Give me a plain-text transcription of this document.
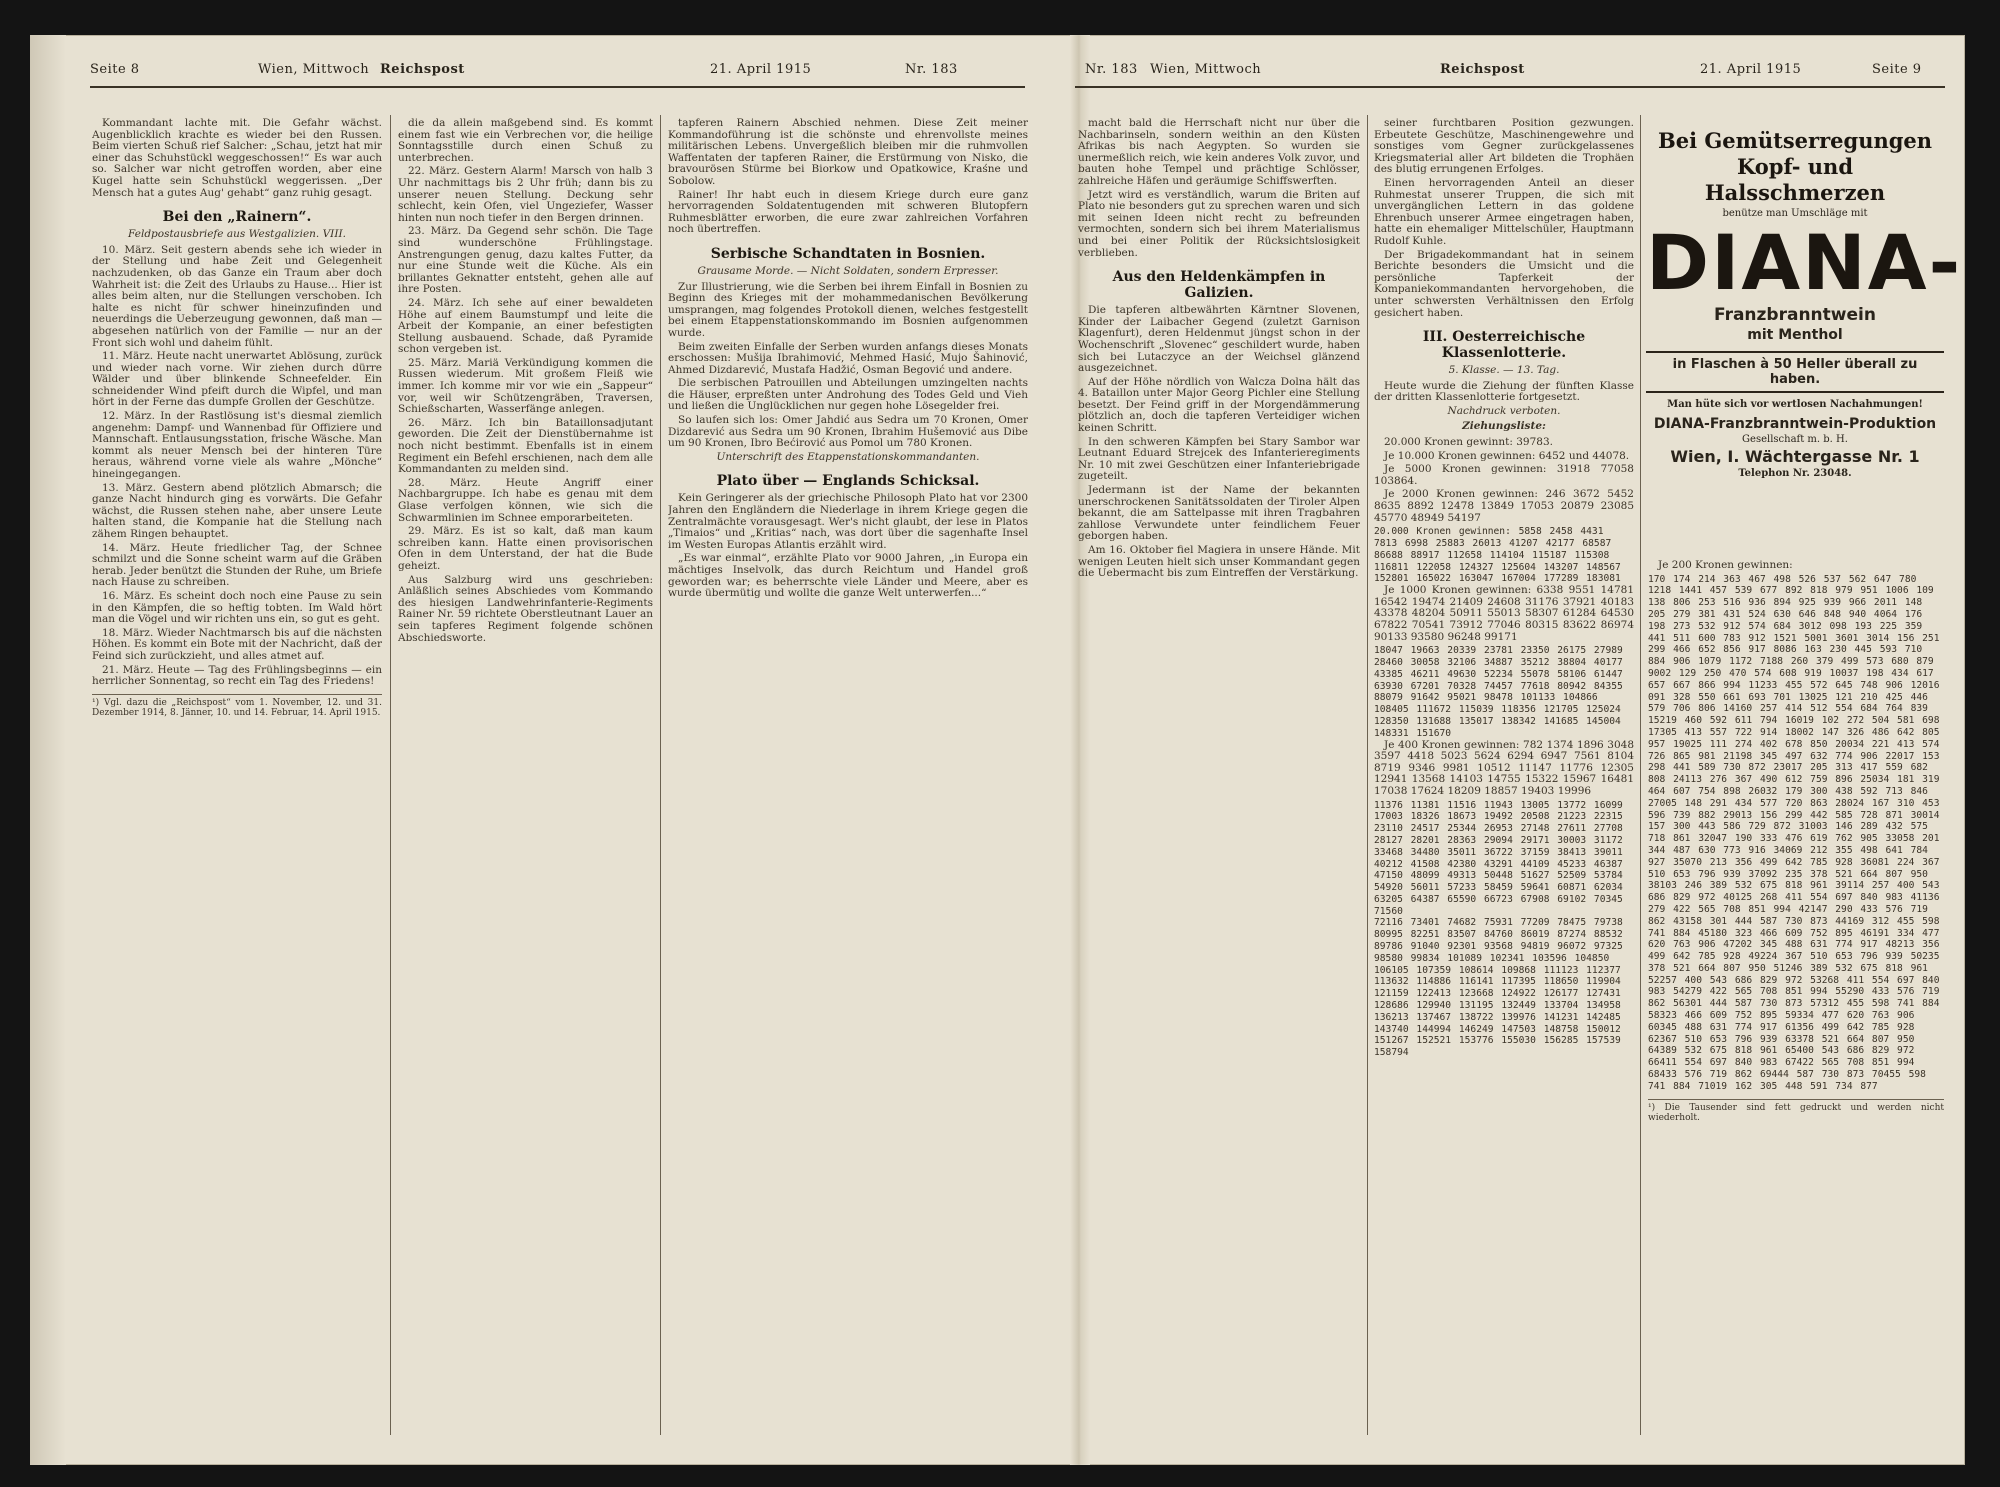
Seite 8	Wien, Mittwoch Reichspost	21. April 1915	Nr. 183	Nr. 183 Wien, Mittwoch	Reichspost	21. April 1915	Seite 9

Kommandant lachte mit. Die Gefahr wächst. Augenblicklich krachte es wieder bei den Russen. Beim vierten Schuß rief Salcher: „Schau, jetzt hat mir einer das Schuhstückl weggeschossen!“ Es war auch so. Salcher war nicht getroffen worden, aber eine Kugel hatte sein Schuhstückl weggerissen. „Der Mensch hat a gutes Aug' gehabt“ ganz ruhig gesagt.

Bei den „Rainern“.
Feldpostausbriefe aus Westgalizien. VIII.

10. März. Seit gestern abends sehe ich wieder in der Stellung und habe Zeit und Gelegenheit nachzudenken, ob das Ganze ein Traum aber doch Wahrheit ist: die Zeit des Urlaubs zu Hause... Hier ist alles beim alten, nur die Stellungen verschoben. Ich halte es nicht für schwer hineinzufinden und neuerdings die Ueberzeugung gewonnen, daß man — abgesehen natürlich von der Familie — nur an der Front sich wohl und daheim fühlt.

11. März. Heute nacht unerwartet Ablösung, zurück und wieder nach vorne. Wir ziehen durch dürre Wälder und über blinkende Schneefelder. Ein schneidender Wind pfeift durch die Wipfel, und man hört in der Ferne das dumpfe Grollen der Geschütze.

12. März. In der Rastlösung ist's diesmal ziemlich angenehm: Dampf- und Wannenbad für Offiziere und Mannschaft. Entlausungsstation, frische Wäsche. Man kommt als neuer Mensch bei der hinteren Türe heraus, während vorne viele als wahre „Mönche“ hineingegangen.

13. März. Gestern abend plötzlich Abmarsch; die ganze Nacht hindurch ging es vorwärts. Die Gefahr wächst, die Russen stehen nahe, aber unsere Leute halten stand, die Kompanie hat die Stellung nach zähem Ringen behauptet.

14. März. Heute friedlicher Tag, der Schnee schmilzt und die Sonne scheint warm auf die Gräben herab. Jeder benützt die Stunden der Ruhe, um Briefe nach Hause zu schreiben.

16. März. Es scheint doch noch eine Pause zu sein in den Kämpfen, die so heftig tobten. Im Wald hört man die Vögel und wir richten uns ein, so gut es geht.

18. März. Wieder Nachtmarsch bis auf die nächsten Höhen. Es kommt ein Bote mit der Nachricht, daß der Feind sich zurückzieht, und alles atmet auf.

21. März. Heute — Tag des Frühlingsbeginns — ein herrlicher Sonnentag, so recht ein Tag des Friedens!

¹) Vgl. dazu die „Reichspost“ vom 1. November, 12. und 31. Dezember 1914, 8. Jänner, 10. und 14. Februar, 14. April 1915.

die da allein maßgebend sind. Es kommt einem fast wie ein Verbrechen vor, die heilige Sonntagsstille durch einen Schuß zu unterbrechen.

22. März. Gestern Alarm! Marsch von halb 3 Uhr nachmittags bis 2 Uhr früh; dann bis zu unserer neuen Stellung. Deckung sehr schlecht, kein Ofen, viel Ungeziefer, Wasser hinten nun noch tiefer in den Bergen drinnen.

23. März. Da Gegend sehr schön. Die Tage sind wunderschöne Frühlingstage. Anstrengungen genug, dazu kaltes Futter, da nur eine Stunde weit die Küche. Als ein brillantes Geknatter entsteht, gehen alle auf ihre Posten.

24. März. Ich sehe auf einer bewaldeten Höhe auf einem Baumstumpf und leite die Arbeit der Kompanie, an einer befestigten Stellung ausbauend. Schade, daß Pyramide schon vergeben ist.

25. März. Mariä Verkündigung kommen die Russen wiederum. Mit großem Fleiß wie immer. Ich komme mir vor wie ein „Sappeur“ vor, weil wir Schützengräben, Traversen, Schießscharten, Wasserfänge anlegen.

26. März. Ich bin Bataillonsadjutant geworden. Die Zeit der Dienstübernahme ist noch nicht bestimmt. Ebenfalls ist in einem Regiment ein Befehl erschienen, nach dem alle Kommandanten zu melden sind.

28. März. Heute Angriff einer Nachbargruppe. Ich habe es genau mit dem Glase verfolgen können, wie sich die Schwarmlinien im Schnee emporarbeiteten.

29. März. Es ist so kalt, daß man kaum schreiben kann. Hatte einen provisorischen Ofen in dem Unterstand, der hat die Bude geheizt.

Aus Salzburg wird uns geschrieben: Anläßlich seines Abschiedes vom Kommando des hiesigen Landwehrinfanterie-Regiments Rainer Nr. 59 richtete Oberstleutnant Lauer an sein tapferes Regiment folgende schönen Abschiedsworte.

tapferen Rainern Abschied nehmen. Diese Zeit meiner Kommandoführung ist die schönste und ehrenvollste meines militärischen Lebens. Unvergeßlich bleiben mir die ruhmvollen Waffentaten der tapferen Rainer, die Erstürmung von Nisko, die bravourösen Stürme bei Biorkow und Opatkowice, Kraśne und Sobolow.

Rainer! Ihr habt euch in diesem Kriege durch eure ganz hervorragenden Soldatentugenden mit schweren Blutopfern Ruhmesblätter erworben, die eure zwar zahlreichen Vorfahren noch übertreffen.

Serbische Schandtaten in Bosnien.
Grausame Morde. — Nicht Soldaten, sondern Erpresser.

Zur Illustrierung, wie die Serben bei ihrem Einfall in Bosnien zu Beginn des Krieges mit der mohammedanischen Bevölkerung umsprangen, mag folgendes Protokoll dienen, welches festgestellt bei einem Etappenstationskommando im Bosnien aufgenommen wurde.

Beim zweiten Einfalle der Serben wurden anfangs dieses Monats erschossen: Mušija Ibrahimović, Mehmed Hasić, Mujo Šahinović, Ahmed Dizdarević, Mustafa Hadžić, Osman Begović und andere.

Die serbischen Patrouillen und Abteilungen umzingelten nachts die Häuser, erpreßten unter Androhung des Todes Geld und Vieh und ließen die Unglücklichen nur gegen hohe Lösegelder frei.

So laufen sich los: Omer Jahdić aus Sedra um 70 Kronen, Omer Dizdarević aus Sedra um 90 Kronen, Ibrahim Hušemović aus Dibe um 90 Kronen, Ibro Bećirović aus Pomol um 780 Kronen.

Unterschrift des Etappenstationskommandanten.
Plato über — Englands Schicksal.

Kein Geringerer als der griechische Philosoph Plato hat vor 2300 Jahren den Engländern die Niederlage in ihrem Kriege gegen die Zentralmächte vorausgesagt. Wer's nicht glaubt, der lese in Platos „Timaios“ und „Kritias“ nach, was dort über die sagenhafte Insel im Westen Europas Atlantis erzählt wird.

„Es war einmal“, erzählte Plato vor 9000 Jahren, „in Europa ein mächtiges Inselvolk, das durch Reichtum und Handel groß geworden war; es beherrschte viele Länder und Meere, aber es wurde übermütig und wollte die ganze Welt unterwerfen...“

macht bald die Herrschaft nicht nur über die Nachbarinseln, sondern weithin an den Küsten Afrikas bis nach Aegypten. So wurden sie unermeßlich reich, wie kein anderes Volk zuvor, und bauten hohe Tempel und prächtige Schlösser, zahlreiche Häfen und geräumige Schiffswerften.

Jetzt wird es verständlich, warum die Briten auf Plato nie besonders gut zu sprechen waren und sich mit seinen Ideen nicht recht zu befreunden vermochten, sondern sich bei ihrem Materialismus und bei einer Politik der Rücksichtslosigkeit verblieben.

Aus den Heldenkämpfen in Galizien.

Die tapferen altbewährten Kärntner Slovenen, Kinder der Laibacher Gegend (zuletzt Garnison Klagenfurt), deren Heldenmut jüngst schon in der Wochenschrift „Slovenec“ geschildert wurde, haben sich bei Lutaczyce an der Weichsel glänzend ausgezeichnet.

Auf der Höhe nördlich von Walcza Dolna hält das 4. Bataillon unter Major Georg Pichler eine Stellung besetzt. Der Feind griff in der Morgendämmerung plötzlich an, doch die tapferen Verteidiger wichen keinen Schritt.

In den schweren Kämpfen bei Stary Sambor war Leutnant Eduard Strejcek des Infanterieregiments Nr. 10 mit zwei Geschützen einer Infanteriebrigade zugeteilt.

Jedermann ist der Name der bekannten unerschrockenen Sanitätssoldaten der Tiroler Alpen bekannt, die am Sattelpasse mit ihren Tragbahren zahllose Verwundete unter feindlichem Feuer geborgen haben.

Am 16. Oktober fiel Magiera in unsere Hände. Mit wenigen Leuten hielt sich unser Kommandant gegen die Uebermacht bis zum Eintreffen der Verstärkung.

seiner furchtbaren Position gezwungen. Erbeutete Geschütze, Maschinengewehre und sonstiges vom Gegner zurückgelassenes Kriegsmaterial aller Art bildeten die Trophäen des blutig errungenen Erfolges.

Einen hervorragenden Anteil an dieser Ruhmestat unserer Truppen, die sich mit unvergänglichen Lettern in das goldene Ehrenbuch unserer Armee eingetragen haben, hatte ein ehemaliger Mittelschüler, Hauptmann Rudolf Kuhle.

Der Brigadekommandant hat in seinem Berichte besonders die Umsicht und die persönliche Tapferkeit der Kompaniekommandanten hervorgehoben, die unter schwersten Verhältnissen den Erfolg gesichert haben.

III. Oesterreichische Klassenlotterie.
5. Klasse. — 13. Tag.

Heute wurde die Ziehung der fünften Klasse der dritten Klassenlotterie fortgesetzt.

Nachdruck verboten.
Ziehungsliste:

20.000 Kronen gewinnt: 39783.

Je 10.000 Kronen gewinnen: 6452 und 44078.

Je 5000 Kronen gewinnen: 31918 77058 103864.

Je 2000 Kronen gewinnen: 246 3672 5452 8635 8892 12478 13849 17053 20879 23085 45770 48949 54197

20.000 Kronen gewinnen: 5858 2458 4431 7813 6998 25883 26013 41207 42177 68587 86688 88917 112658 114104 115187 115308 116811 122058 124327 125604 143207 148567 152801 165022 163047 167004 177289 183081

Je 1000 Kronen gewinnen: 6338 9551 14781 16542 19474 21409 24608 31176 37921 40183 43378 48204 50911 55013 58307 61284 64530 67822 70541 73912 77046 80315 83622 86974 90133 93580 96248 99171

18047 19663 20339 23781 23350 26175 27989 28460 30058 32106 34887 35212 38804 40177 43385 46211 49630 52234 55078 58106 61447 63930 67201 70328 74457 77618 80942 84355 88079 91642 95021 98478 101133 104866 108405 111672 115039 118356 121705 125024 128350 131688 135017 138342 141685 145004 148331 151670

Je 400 Kronen gewinnen: 782 1374 1896 3048 3597 4418 5023 5624 6294 6947 7561 8104 8719 9346 9981 10512 11147 11776 12305 12941 13568 14103 14755 15322 15967 16481 17038 17624 18209 18857 19403 19996

11376 11381 11516 11943 13005 13772 16099 17003 18326 18673 19492 20508 21223 22315 23110 24517 25344 26953 27148 27611 27708 28127 28201 28363 29094 29171 30003 31172 33468 34480 35011 36722 37159 38413 39011 40212 41508 42380 43291 44109 45233 46387 47150 48099 49313 50448 51627 52509 53784 54920 56011 57233 58459 59641 60871 62034 63205 64387 65590 66723 67908 69102 70345 71560
72116 73401 74682 75931 77209 78475 79738 80995 82251 83507 84760 86019 87274 88532 89786 91040 92301 93568 94819 96072 97325 98580 99834 101089 102341 103596 104850 106105 107359 108614 109868 111123 112377 113632 114886 116141 117395 118650 119904 121159 122413 123668 124922 126177 127431 128686 129940 131195 132449 133704 134958 136213 137467 138722 139976 141231 142485 143740 144994 146249 147503 148758 150012 151267 152521 153776 155030 156285 157539 158794
Bei Gemütserregungen
Kopf- und Halsschmerzen
benütze man Umschläge mit
DIANA-
Franzbranntwein
mit Menthol
in Flaschen à 50 Heller überall zu haben.
Man hüte sich vor wertlosen Nachahmungen!
DIANA-Franzbranntwein-Produktion
Gesellschaft m. b. H.
Wien, I. Wächtergasse Nr. 1
Telephon Nr. 23048.

Je 200 Kronen gewinnen:

170 174 214 363 467 498 526 537 562 647 780 1218 1441 457 539 677 892 818 979 951 1006 109 138 806 253 516 936 894 925 939 966 2011 148 205 279 381 431 524 630 646 848 940 4064 176 198 273 532 912 574 684 3012 098 193 225 359 441 511 600 783 912 1521 5001 3601 3014 156 251 299 466 652 856 917 8086 163 230 445 593 710 884 906 1079 1172 7188 260 379 499 573 680 879 9002 129 250 470 574 608 919 10037 198 434 617 657 667 866 994 11233 455 572 645 748 906 12016 091 328 550 661 693 701 13025 121 210 425 446 579 706 806 14160 257 414 512 554 684 764 839 15219 460 592 611 794 16019 102 272 504 581 698 17305 413 557 722 914 18002 147 326 486 642 805 957 19025 111 274 402 678 850 20034 221 413 574 726 865 981 21198 345 497 632 774 906 22017 153 298 441 589 730 872 23017 205 313 417 559 682 808 24113 276 367 490 612 759 896 25034 181 319 464 607 754 898 26032 179 300 438 592 713 846 27005 148 291 434 577 720 863 28024 167 310 453 596 739 882 29013 156 299 442 585 728 871 30014 157 300 443 586 729 872 31003 146 289 432 575 718 861 32047 190 333 476 619 762 905 33058 201 344 487 630 773 916 34069 212 355 498 641 784 927 35070 213 356 499 642 785 928 36081 224 367 510 653 796 939 37092 235 378 521 664 807 950 38103 246 389 532 675 818 961 39114 257 400 543 686 829 972 40125 268 411 554 697 840 983 41136 279 422 565 708 851 994 42147 290 433 576 719 862 43158 301 444 587 730 873 44169 312 455 598 741 884 45180 323 466 609 752 895 46191 334 477 620 763 906 47202 345 488 631 774 917 48213 356 499 642 785 928 49224 367 510 653 796 939 50235 378 521 664 807 950 51246 389 532 675 818 961 52257 400 543 686 829 972 53268 411 554 697 840 983 54279 422 565 708 851 994 55290 433 576 719 862 56301 444 587 730 873 57312 455 598 741 884 58323 466 609 752 895 59334 477 620 763 906 60345 488 631 774 917 61356 499 642 785 928 62367 510 653 796 939 63378 521 664 807 950 64389 532 675 818 961 65400 543 686 829 972 66411 554 697 840 983 67422 565 708 851 994 68433 576 719 862 69444 587 730 873 70455 598 741 884 71019 162 305 448 591 734 877
¹) Die Tausender sind fett gedruckt und werden nicht wiederholt.
